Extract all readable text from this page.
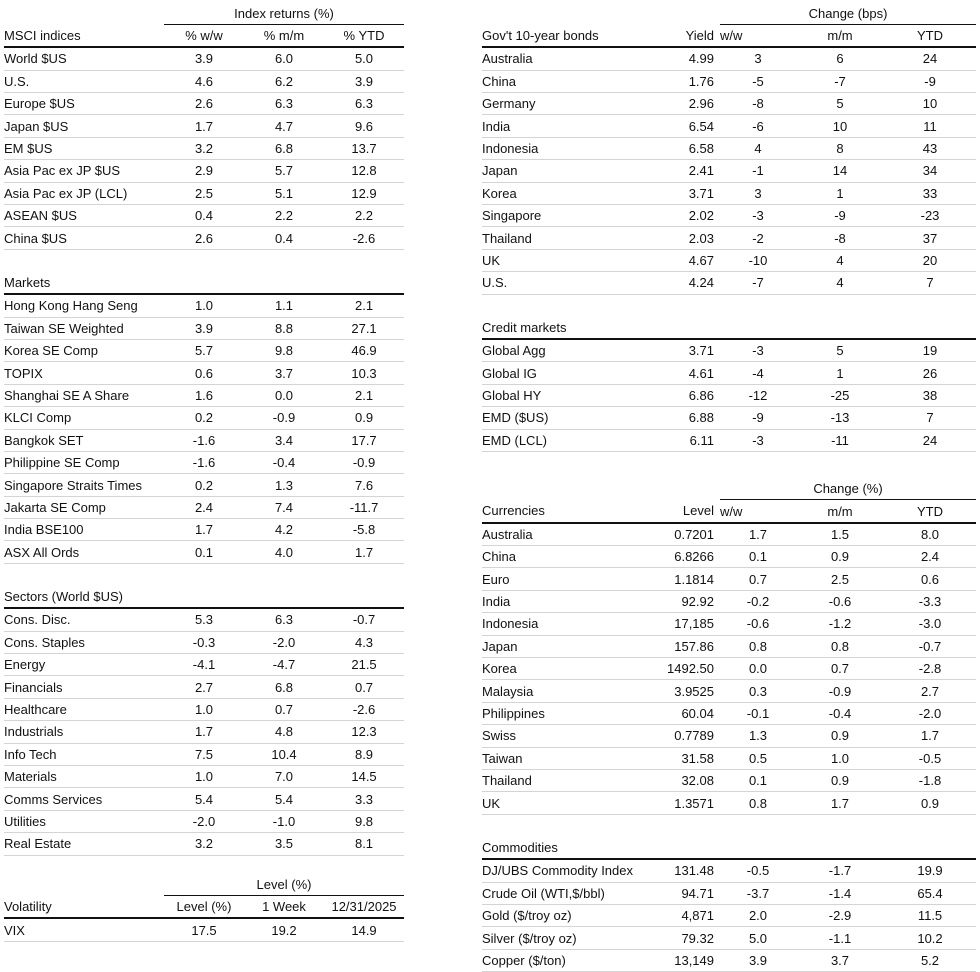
	Index returns (%)		
MSCI indices	% w/w	% m/m	% YTD
World $US	3.9	6.0	5.0
U.S.	4.6	6.2	3.9
Europe $US	2.6	6.3	6.3
Japan $US	1.7	4.7	9.6
EM $US	3.2	6.8	13.7
Asia Pac ex JP $US	2.9	5.7	12.8
Asia Pac ex JP (LCL)	2.5	5.1	12.9
ASEAN $US	0.4	2.2	2.2
China $US	2.6	0.4	-2.6
Markets			
Hong Kong Hang Seng	1.0	1.1	2.1
Taiwan SE Weighted	3.9	8.8	27.1
Korea SE Comp	5.7	9.8	46.9
TOPIX	0.6	3.7	10.3
Shanghai SE A Share	1.6	0.0	2.1
KLCI Comp	0.2	-0.9	0.9
Bangkok SET	-1.6	3.4	17.7
Philippine SE Comp	-1.6	-0.4	-0.9
Singapore Straits Times	0.2	1.3	7.6
Jakarta SE Comp	2.4	7.4	-11.7
India BSE100	1.7	4.2	-5.8
ASX All Ords	0.1	4.0	1.7
Sectors (World $US)			
Cons. Disc.	5.3	6.3	-0.7
Cons. Staples	-0.3	-2.0	4.3
Energy	-4.1	-4.7	21.5
Financials	2.7	6.8	0.7
Healthcare	1.0	0.7	-2.6
Industrials	1.7	4.8	12.3
Info Tech	7.5	10.4	8.9
Materials	1.0	7.0	14.5
Comms Services	5.4	5.4	3.3
Utilities	-2.0	-1.0	9.8
Real Estate	3.2	3.5	8.1
	Level (%)		
Volatility	Level (%)	1 Week	12/31/2025
VIX	17.5	19.2	14.9
		Change (bps)		
Gov't 10-year bonds	Yield	w/w	m/m	YTD
Australia	4.99	3	6	24
China	1.76	-5	-7	-9
Germany	2.96	-8	5	10
India	6.54	-6	10	11
Indonesia	6.58	4	8	43
Japan	2.41	-1	14	34
Korea	3.71	3	1	33
Singapore	2.02	-3	-9	-23
Thailand	2.03	-2	-8	37
UK	4.67	-10	4	20
U.S.	4.24	-7	4	7
Credit markets				
Global Agg	3.71	-3	5	19
Global IG	4.61	-4	1	26
Global HY	6.86	-12	-25	38
EMD ($US)	6.88	-9	-13	7
EMD (LCL)	6.11	-3	-11	24
		Change (%)		
Currencies	Level	w/w	m/m	YTD
Australia	0.7201	1.7	1.5	8.0
China	6.8266	0.1	0.9	2.4
Euro	1.1814	0.7	2.5	0.6
India	92.92	-0.2	-0.6	-3.3
Indonesia	17,185	-0.6	-1.2	-3.0
Japan	157.86	0.8	0.8	-0.7
Korea	1492.50	0.0	0.7	-2.8
Malaysia	3.9525	0.3	-0.9	2.7
Philippines	60.04	-0.1	-0.4	-2.0
Swiss	0.7789	1.3	0.9	1.7
Taiwan	31.58	0.5	1.0	-0.5
Thailand	32.08	0.1	0.9	-1.8
UK	1.3571	0.8	1.7	0.9
Commodities				
DJ/UBS Commodity Index	131.48	-0.5	-1.7	19.9
Crude Oil (WTI,$/bbl)	94.71	-3.7	-1.4	65.4
Gold ($/troy oz)	4,871	2.0	-2.9	11.5
Silver ($/troy oz)	79.32	5.0	-1.1	10.2
Copper ($/ton)	13,149	3.9	3.7	5.2
